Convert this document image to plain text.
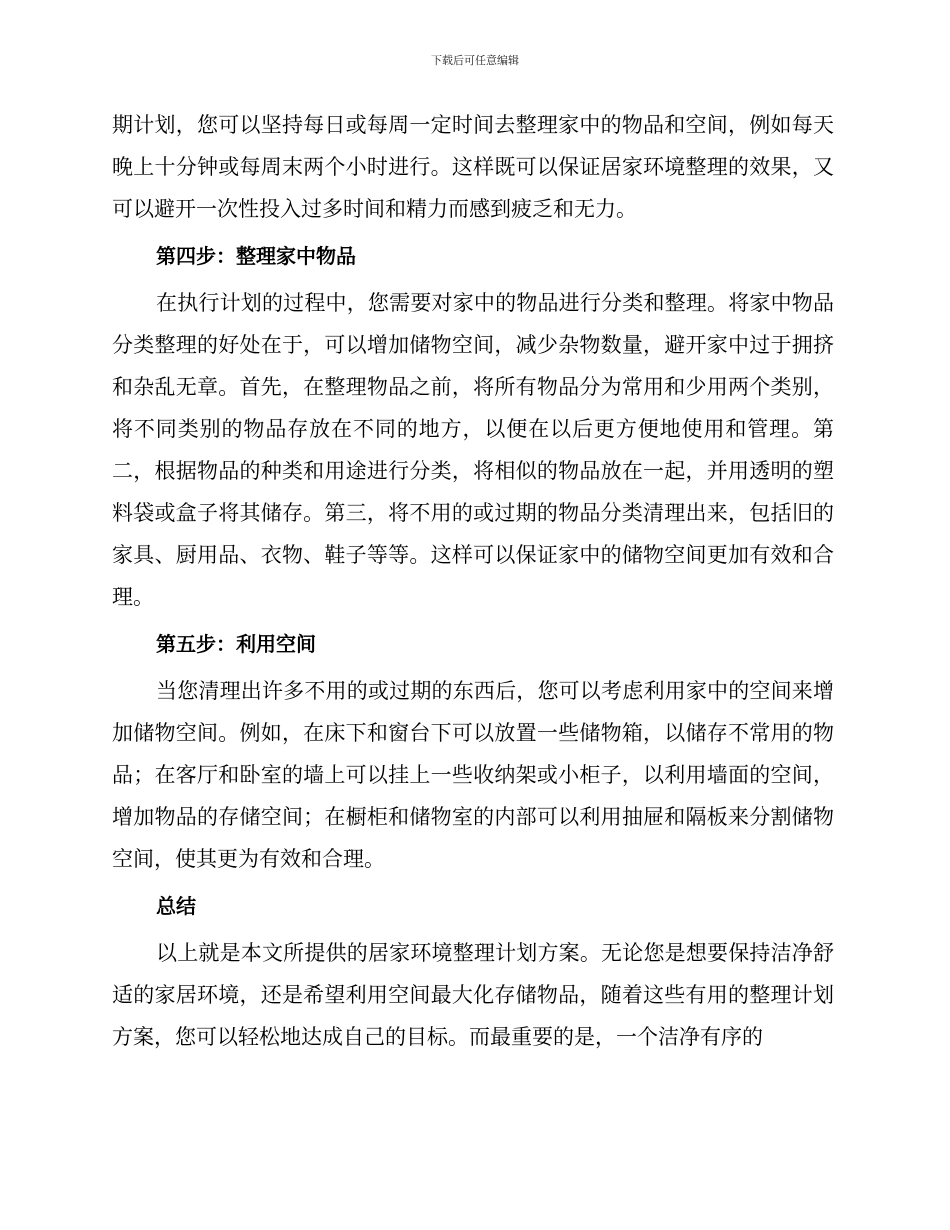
下载后可任意编辑

期计划，您可以坚持每日或每周一定时间去整理家中的物品和空间，例如每天晚上十分钟或每周末两个小时进行。这样既可以保证居家环境整理的效果，又可以避开一次性投入过多时间和精力而感到疲乏和无力。

第四步：整理家中物品

在执行计划的过程中，您需要对家中的物品进行分类和整理。将家中物品分类整理的好处在于，可以增加储物空间，减少杂物数量，避开家中过于拥挤和杂乱无章。首先，在整理物品之前，将所有物品分为常用和少用两个类别，将不同类别的物品存放在不同的地方，以便在以后更方便地使用和管理。第二，根据物品的种类和用途进行分类，将相似的物品放在一起，并用透明的塑料袋或盒子将其储存。第三，将不用的或过期的物品分类清理出来，包括旧的家具、厨用品、衣物、鞋子等等。这样可以保证家中的储物空间更加有效和合理。

第五步：利用空间

当您清理出许多不用的或过期的东西后，您可以考虑利用家中的空间来增加储物空间。例如，在床下和窗台下可以放置一些储物箱，以储存不常用的物品；在客厅和卧室的墙上可以挂上一些收纳架或小柜子，以利用墙面的空间，增加物品的存储空间；在橱柜和储物室的内部可以利用抽屉和隔板来分割储物空间，使其更为有效和合理。

总结

以上就是本文所提供的居家环境整理计划方案。无论您是想要保持洁净舒适的家居环境，还是希望利用空间最大化存储物品，随着这些有用的整理计划方案，您可以轻松地达成自己的目标。而最重要的是，一个洁净有序的
